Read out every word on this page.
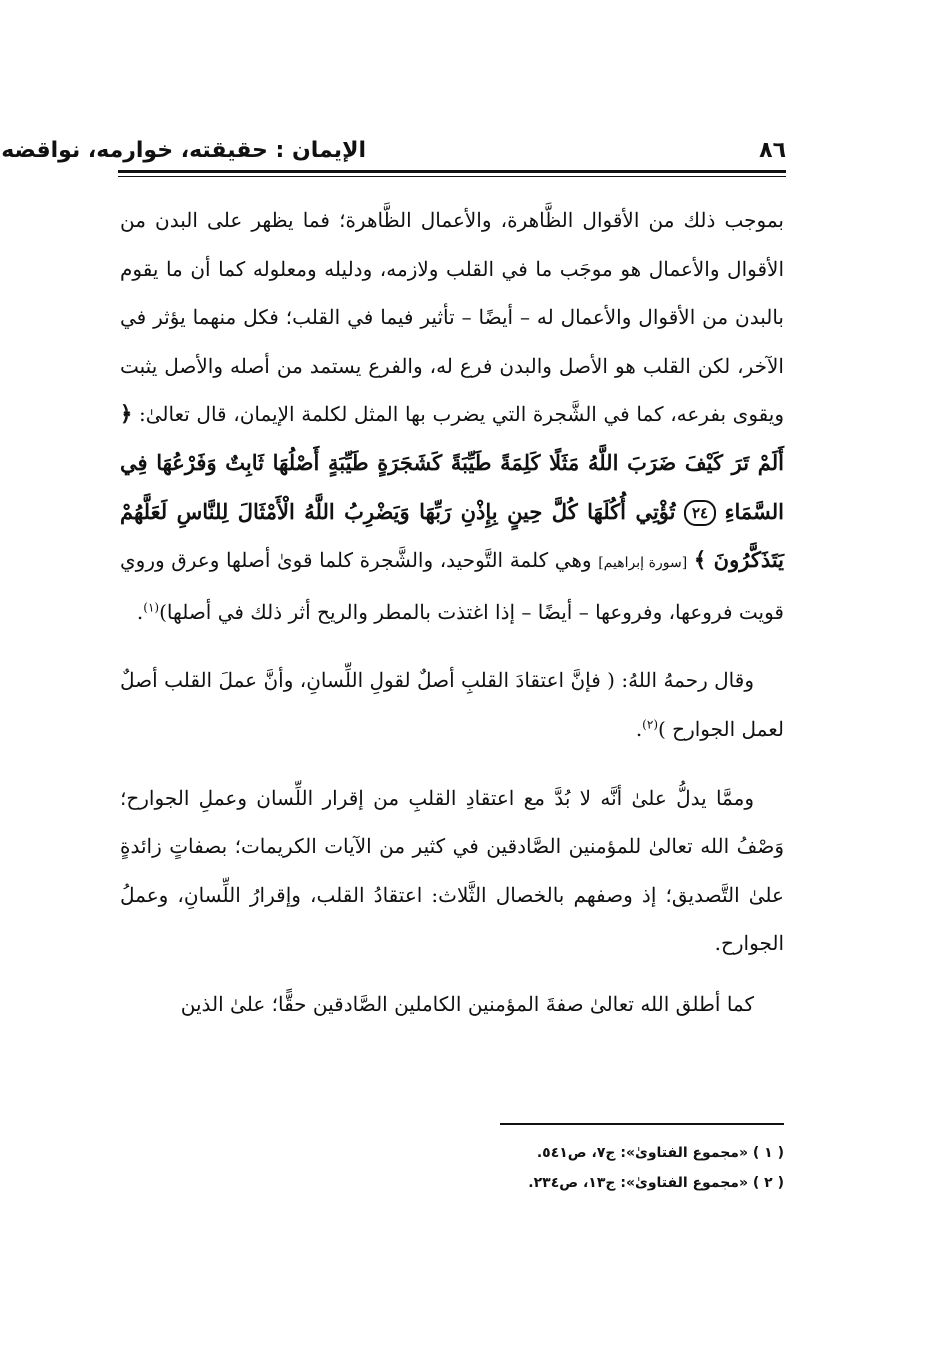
الإيمان : حقيقته، خوارمه، نواقضه	٨٦

بموجب ذلك من الأقوال الظَّاهرة، والأعمال الظَّاهرة؛ فما يظهر على البدن من الأقوال والأعمال هو موجَب ما في القلب ولازمه، ودليله ومعلوله كما أن ما يقوم بالبدن من الأقوال والأعمال له – أيضًا – تأثير فيما في القلب؛ فكل منهما يؤثر في الآخر، لكن القلب هو الأصل والبدن فرع له، والفرع يستمد من أصله والأصل يثبت ويقوى بفرعه، كما في الشَّجرة التي يضرب بها المثل لكلمة الإيمان، قال تعالىٰ: ﴿ أَلَمْ تَرَ كَيْفَ ضَرَبَ اللَّهُ مَثَلًا كَلِمَةً طَيِّبَةً كَشَجَرَةٍ طَيِّبَةٍ أَصْلُهَا ثَابِتٌ وَفَرْعُهَا فِي السَّمَاءِ ٢٤ تُؤْتِي أُكُلَهَا كُلَّ حِينٍ بِإِذْنِ رَبِّهَا وَيَضْرِبُ اللَّهُ الْأَمْثَالَ لِلنَّاسِ لَعَلَّهُمْ يَتَذَكَّرُونَ ﴾ [سورة إبراهيم] وهي كلمة التَّوحيد، والشَّجرة كلما قوىٰ أصلها وعرق وروي قويت فروعها، وفروعها – أيضًا – إذا اغتذت بالمطر والريح أثر ذلك في أصلها)$^{(١)}$.

وقال رحمهُ اللهُ: ( فإنَّ اعتقادَ القلبِ أصلٌ لقولِ اللِّسانِ، وأنَّ عملَ القلب أصلٌ لعمل الجوارح )$^{(٢)}$.

وممَّا يدلُّ علىٰ أنَّه لا بُدَّ مع اعتقادِ القلبِ من إقرار اللِّسان وعملِ الجوارح؛ وَصْفُ الله تعالىٰ للمؤمنين الصَّادقين في كثير من الآيات الكريمات؛ بصفاتٍ زائدةٍ علىٰ التَّصديق؛ إذ وصفهم بالخصال الثَّلاث: اعتقادُ القلب، وإقرارُ اللِّسانِ، وعملُ الجوارح.

كما أطلق الله تعالىٰ صفةَ المؤمنين الكاملين الصَّادقين حقًّا؛ علىٰ الذين

( ١ ) «مجموع الفتاوىٰ»: ج٧، ص٥٤١.
( ٢ ) «مجموع الفتاوىٰ»: ج١٣، ص٢٣٤.
